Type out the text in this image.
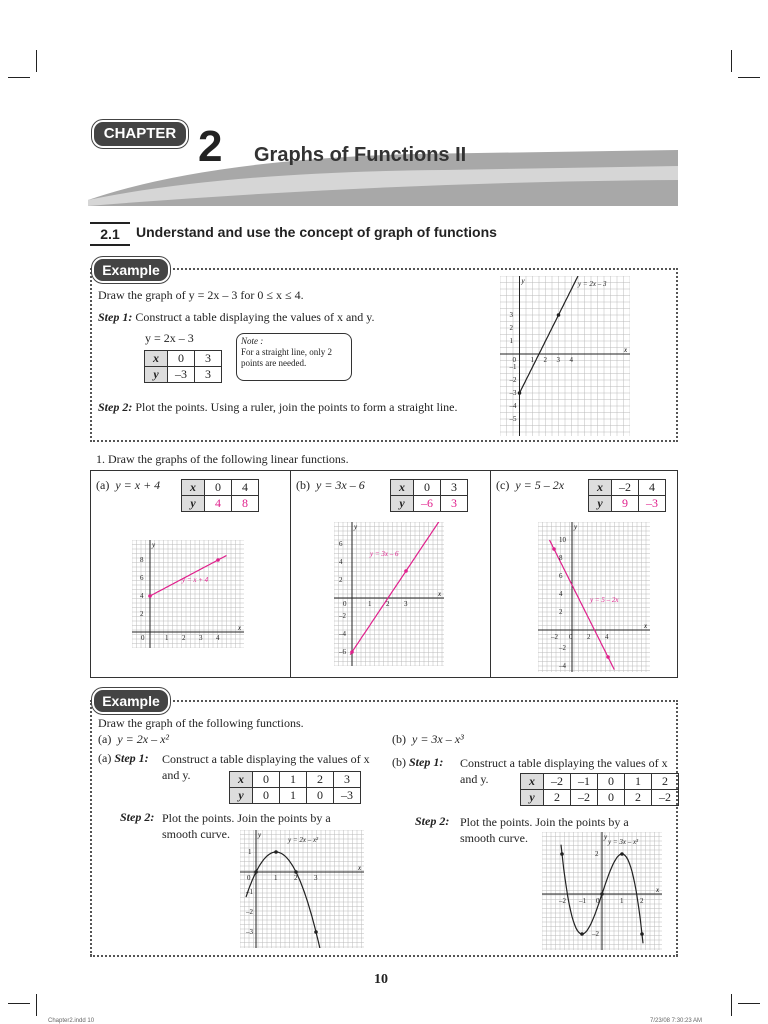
CHAPTER 2 Graphs of Functions II
2.1	Understand and use the concept of graph of functions
Example
Draw the graph of y = 2x – 3 for 0 ≤ x ≤ 4.
Step 1: Construct a table displaying the values of x and y.
y = 2x – 3
x	0	3
y	–3	3
Note :
For a straight line, only 2 points are needed.
Step 2: Plot the points. Using a ruler, join the points to form a straight line.
x
y
1 2 3 4
0
3
2
1
–1
–2
–3
–4
–5
y = 2x – 3
1. Draw the graphs of the following linear functions.
(a) y = x + 4 x	0	4
y	4	8
x
y
0	1 2 3 4
8
6
4
2
y = x + 4
(b) y = 3x – 6	x	0	3
y	–6	3
x
y
0	1 2 3
6
4
2
–2
–4
–6
y = 3x – 6
(c) y = 5 – 2x	x	–2	4
y	9	–3
x
y
–2 0 2 4
10
8
6
4
2
–2
–4
y = 5 – 2x
Example
Draw the graph of the following functions.
(a) y = 2x – x²	(b) y = 3x – x³
(a) Step 1:	Construct a table displaying the values of x and y.	x	0	1	2	3
y	0	1	0	–3
Step 2: Plot the points. Join the points by a smooth curve.
x
y
0	1 2 3
1
–1
–2
–3
y = 2x – x²
(b) Step 1: Construct a table displaying the values of x and y.	x	–2	–1	0	1	2
y	2	–2	0	2	–2
Step 2: Plot the points. Join the points by a smooth curve.
x
y
–2 –1 0	1 2
2
–2
y = 3x – x³
10
Chapter2.indd 10	7/23/08 7:30:23 AM
